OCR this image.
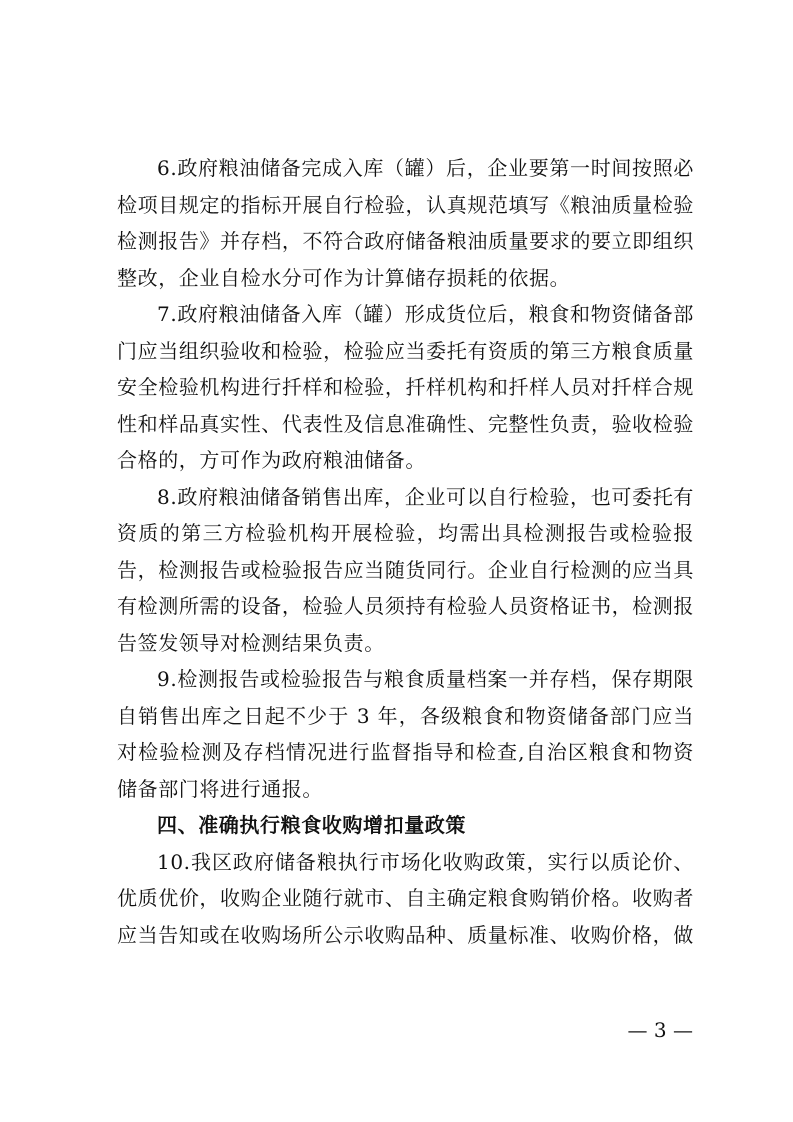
6.政府粮油储备完成入库（罐）后，企业要第一时间按照必检项目规定的指标开展自行检验，认真规范填写《粮油质量检验检测报告》并存档，不符合政府储备粮油质量要求的要立即组织整改，企业自检水分可作为计算储存损耗的依据。

7.政府粮油储备入库（罐）形成货位后，粮食和物资储备部门应当组织验收和检验，检验应当委托有资质的第三方粮食质量安全检验机构进行扦样和检验，扦样机构和扦样人员对扦样合规性和样品真实性、代表性及信息准确性、完整性负责，验收检验合格的，方可作为政府粮油储备。

8.政府粮油储备销售出库，企业可以自行检验，也可委托有资质的第三方检验机构开展检验，均需出具检测报告或检验报告，检测报告或检验报告应当随货同行。企业自行检测的应当具有检测所需的设备，检验人员须持有检验人员资格证书，检测报告签发领导对检测结果负责。

9.检测报告或检验报告与粮食质量档案一并存档，保存期限自销售出库之日起不少于 3 年，各级粮食和物资储备部门应当对检验检测及存档情况进行监督指导和检查,自治区粮食和物资储备部门将进行通报。

四、准确执行粮食收购增扣量政策

10.我区政府储备粮执行市场化收购政策，实行以质论价、优质优价，收购企业随行就市、自主确定粮食购销价格。收购者应当告知或在收购场所公示收购品种、质量标准、收购价格，做

— 3 —
